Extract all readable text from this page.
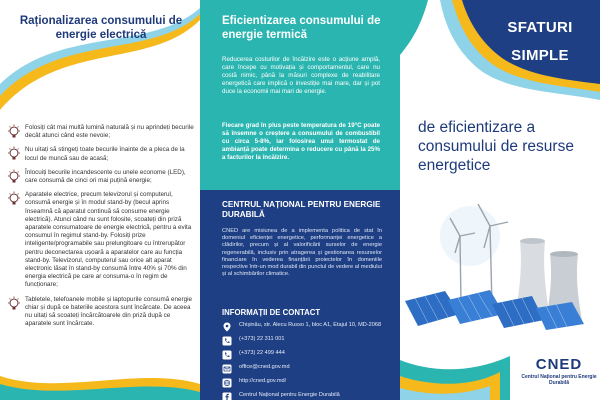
Raționalizarea consumului de energie electrică
Folosiți cât mai multă lumină naturală și nu aprindeți becurile decât atunci când este nevoie;
Nu uitați să stingeți toate becurile înainte de a pleca de la locul de muncă sau de acasă;
Înlocuiți becurile incandescente cu unele econome (LED), care consumă de cinci ori mai puțină energie;
Aparatele electrice, precum televizorul și computerul, consumă energie și în modul stand-by (becul aprins înseamnă că aparatul continuă să consume energie electrică). Atunci când nu sunt folosite, scoateți din priză aparatele consumatoare de energie electrică, pentru a evita consumul în regimul stand-by. Folosiți prize inteligente/programabile sau prelungitoare cu întrerupător pentru deconectarea ușoară a aparatelor care au funcția stand-by. Televizorul, computerul sau orice alt aparat electronic lăsat în stand-by consumă între 40% și 70% din energia electrică pe care ar consuma-o în regim de funcționare;
Tabletele, telefoanele mobile și laptopurile consumă energie chiar și după ce bateriile acestora sunt încărcate. De aceea nu uitați să scoateți încărcătoarele din priză după ce aparatele sunt încărcate.
Eficientizarea consumului de energie termică
Reducerea costurilor de încălzire este o acțiune amplă, care începe cu motivația și comportamentul, care nu costă nimic, până la măsuri complexe de reabilitare energetică care implică o investiție mai mare, dar și pot duce la economii mai mari de energie.
Fiecare grad în plus peste temperatura de 19°C poate să însemne o creștere a consumului de combustibil cu circa 5-8%, iar folosirea unui termostat de ambianță poate determina o reducere cu până la 25% a facturilor la încălzire.
CENTRUL NAȚIONAL PENTRU ENERGIE DURABILĂ
CNED are misiunea de a implementa politica de stat în domeniul eficienței energetice, performanței energetice a clădirilor, precum și al valorificării surselor de energie regenerabilă, inclusiv prin atragerea și gestionarea resurselor financiare în vederea finanțării proiectelor în domeniile respective într-un mod durabil din punctul de vedere al mediului și al schimbărilor climatice.
INFORMAȚII DE CONTACT
Chișinău, str. Alecu Russo 1, bloc A1, Etajul 10, MD-2068
(+373) 22 311 001
(+373) 22 499 444
office@cned.gov.md
http://cned.gov.md/
Centrul Național pentru Energie Durabilă
SFATURI
SIMPLE
de eficientizare a consumului de resurse energetice
CNED
Centrul Național pentru Energie Durabilă
